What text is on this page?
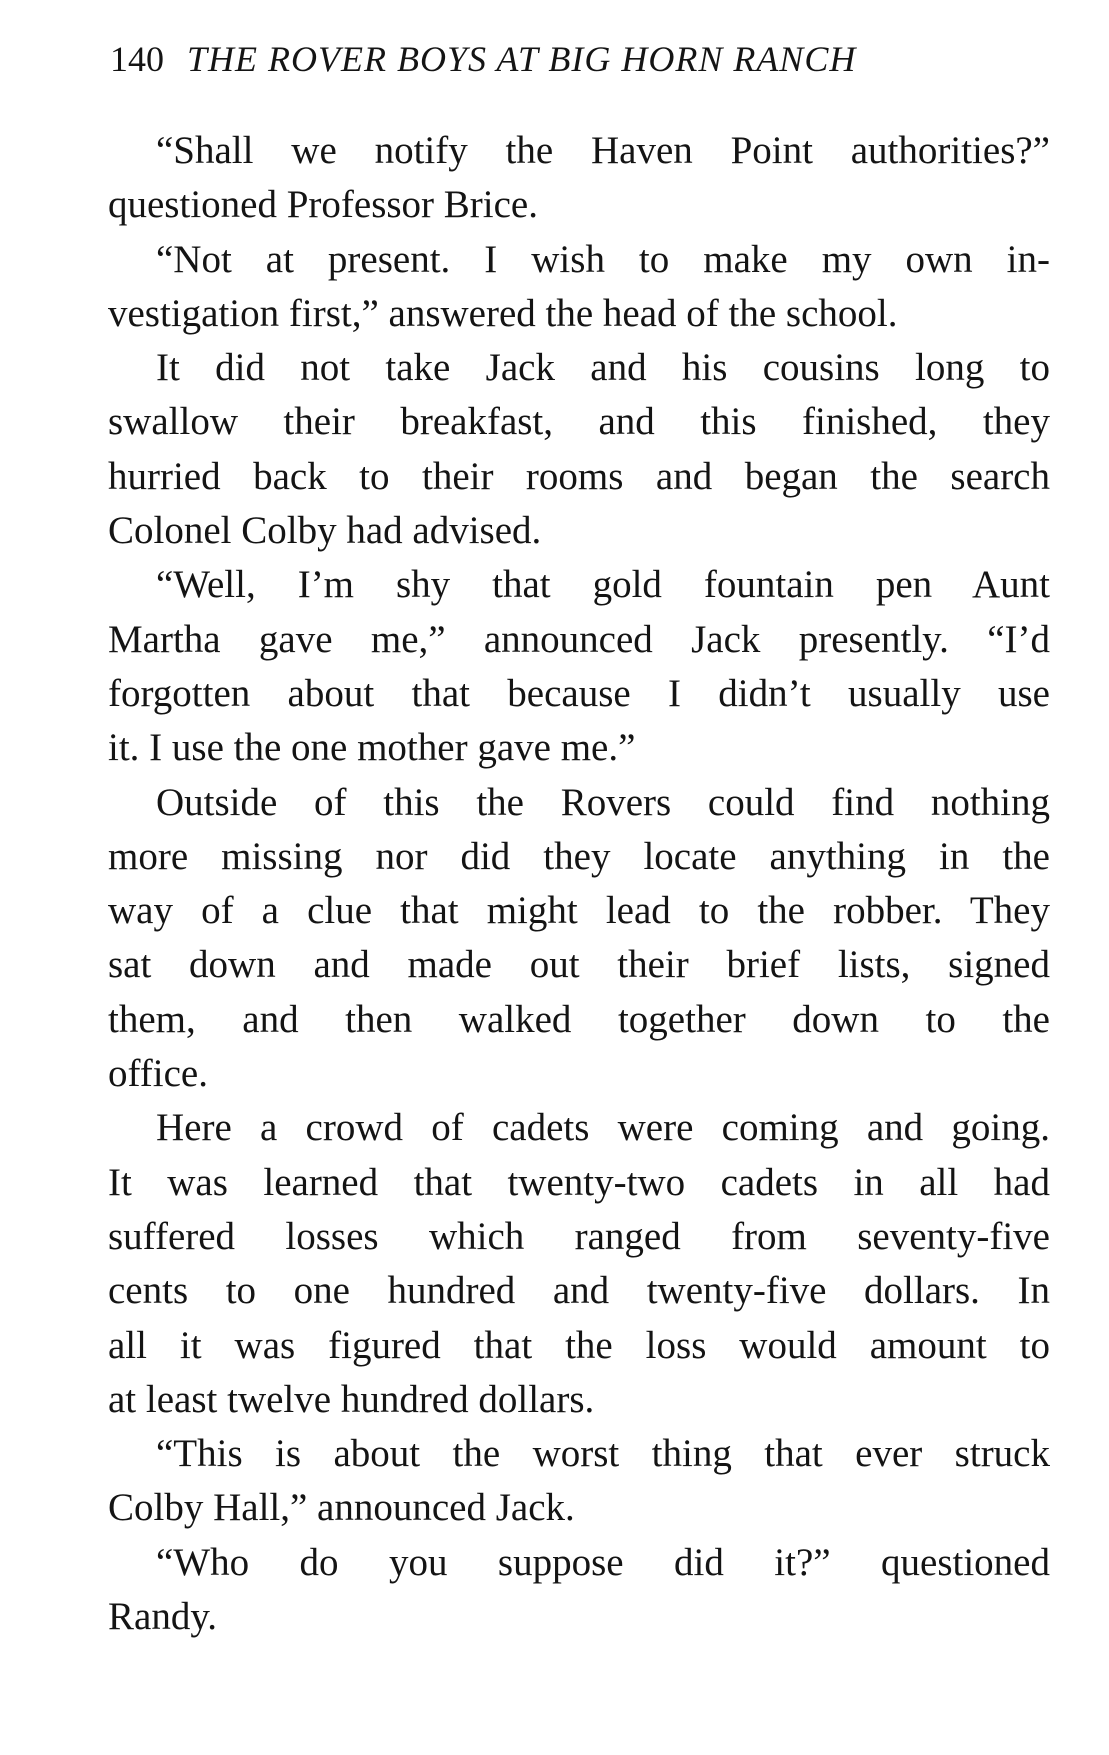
140 THE ROVER BOYS AT BIG HORN RANCH
“Shall we notify the Haven Point authorities?”
questioned Professor Brice.
“Not at present. I wish to make my own in-
vestigation first,” answered the head of the school.
It did not take Jack and his cousins long to
swallow their breakfast, and this finished, they
hurried back to their rooms and began the search
Colonel Colby had advised.
“Well, I’m shy that gold fountain pen Aunt
Martha gave me,” announced Jack presently. “I’d
forgotten about that because I didn’t usually use
it. I use the one mother gave me.”
Outside of this the Rovers could find nothing
more missing nor did they locate anything in the
way of a clue that might lead to the robber. They
sat down and made out their brief lists, signed
them, and then walked together down to the
office.
Here a crowd of cadets were coming and going.
It was learned that twenty-two cadets in all had
suffered losses which ranged from seventy-five
cents to one hundred and twenty-five dollars. In
all it was figured that the loss would amount to
at least twelve hundred dollars.
“This is about the worst thing that ever struck
Colby Hall,” announced Jack.
“Who do you suppose did it?” questioned
Randy.
